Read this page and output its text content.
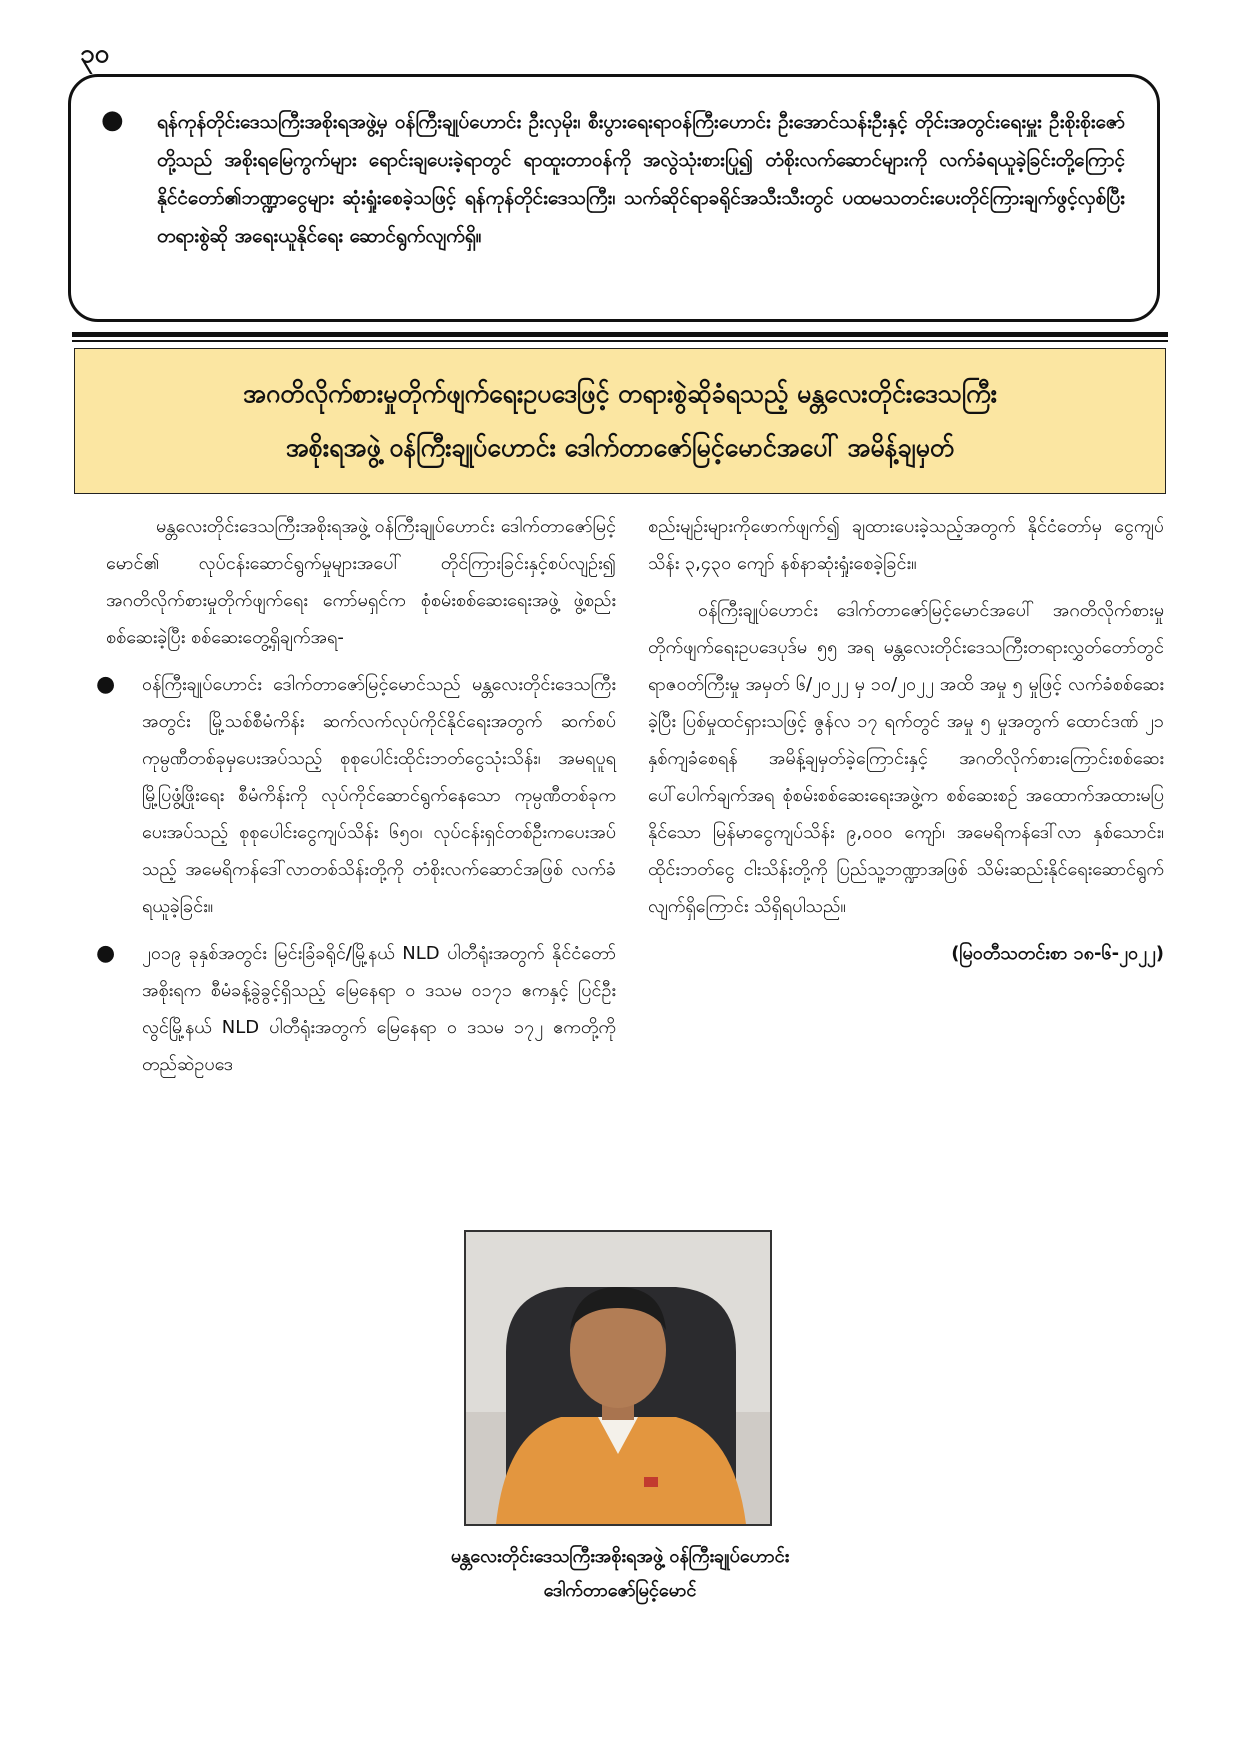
၃၀
● ရန်ကုန်တိုင်းဒေသကြီးအစိုးရအဖွဲ့မှ ဝန်ကြီးချုပ်ဟောင်း ဦးလှမိုး၊ စီးပွားရေးရာဝန်ကြီးဟောင်း ဦးအောင်သန်းဦးနှင့် တိုင်းအတွင်းရေးမှူး ဦးစိုးစိုးဇော်တို့သည် အစိုးရမြေကွက်များ ရောင်းချပေးခဲ့ရာတွင် ရာထူးတာဝန်ကို အလွဲသုံးစားပြု၍ တံစိုးလက်ဆောင်များကို လက်ခံရယူခဲ့ခြင်းတို့ကြောင့် နိုင်ငံတော်၏ဘဏ္ဍာငွေများ ဆုံးရှုံးစေခဲ့သဖြင့် ရန်ကုန်တိုင်းဒေသကြီး၊ သက်ဆိုင်ရာခရိုင်အသီးသီးတွင် ပထမသတင်းပေးတိုင်ကြားချက်ဖွင့်လှစ်ပြီး တရားစွဲဆို အရေးယူနိုင်ရေး ဆောင်ရွက်လျက်ရှိ။

အဂတိလိုက်စားမှုတိုက်ဖျက်ရေးဥပဒေဖြင့် တရားစွဲဆိုခံရသည့် မန္တလေးတိုင်းဒေသကြီး
အစိုးရအဖွဲ့ ဝန်ကြီးချုပ်ဟောင်း ဒေါက်တာဇော်မြင့်မောင်အပေါ် အမိန့်ချမှတ်

မန္တလေးတိုင်းဒေသကြီးအစိုးရအဖွဲ့ ဝန်ကြီးချုပ်ဟောင်း ဒေါက်တာဇော်မြင့်မောင်၏ လုပ်ငန်းဆောင်ရွက်မှုများအပေါ် တိုင်ကြားခြင်းနှင့်စပ်လျဉ်း၍ အဂတိလိုက်စားမှုတိုက်ဖျက်ရေး ကော်မရှင်က စုံစမ်းစစ်ဆေးရေးအဖွဲ့ ဖွဲ့စည်းစစ်ဆေးခဲ့ပြီး စစ်ဆေးတွေ့ရှိချက်အရ-

● ဝန်ကြီးချုပ်ဟောင်း ဒေါက်တာဇော်မြင့်မောင်သည် မန္တလေးတိုင်းဒေသကြီးအတွင်း မြို့သစ်စီမံကိန်း ဆက်လက်လုပ်ကိုင်နိုင်ရေးအတွက် ဆက်စပ်ကုမ္ပဏီတစ်ခုမှပေးအပ်သည့် စုစုပေါင်းထိုင်းဘတ်ငွေသုံးသိန်း၊ အမရပူရမြို့ပြဖွံ့ဖြိုးရေး စီမံကိန်းကို လုပ်ကိုင်ဆောင်ရွက်နေသော ကုမ္ပဏီတစ်ခုက ပေးအပ်သည့် စုစုပေါင်းငွေကျပ်သိန်း ၆၅၀၊ လုပ်ငန်းရှင်တစ်ဦးကပေးအပ်သည့် အမေရိကန်ဒေါ်လာတစ်သိန်းတို့ကို တံစိုးလက်ဆောင်အဖြစ် လက်ခံရယူခဲ့ခြင်း။
● ၂၀၁၉ ခုနှစ်အတွင်း မြင်းခြံခရိုင်/မြို့နယ် NLD ပါတီရုံးအတွက် နိုင်ငံတော်အစိုးရက စီမံခန့်ခွဲခွင့်ရှိသည့် မြေနေရာ ဝ ဒသမ ၀၁၇၁ ဧကနှင့် ပြင်ဦးလွင်မြို့နယ် NLD ပါတီရုံးအတွက် မြေနေရာ ဝ ဒသမ ၁၇၂ ဧကတို့ကို တည်ဆဲဥပဒေ

စည်းမျဉ်းများကိုဖောက်ဖျက်၍ ချထားပေးခဲ့သည့်အတွက် နိုင်ငံတော်မှ ငွေကျပ်သိန်း ၃,၄၃၀ ကျော် နစ်နာဆုံးရှုံးစေခဲ့ခြင်း။

ဝန်ကြီးချုပ်ဟောင်း ဒေါက်တာဇော်မြင့်မောင်အပေါ် အဂတိလိုက်စားမှုတိုက်ဖျက်ရေးဥပဒေပုဒ်မ ၅၅ အရ မန္တလေးတိုင်းဒေသကြီးတရားလွှတ်တော်တွင် ရာဇဝတ်ကြီးမှု အမှတ် ၆/၂၀၂၂ မှ ၁၀/၂၀၂၂ အထိ အမှု ၅ မှုဖြင့် လက်ခံစစ်ဆေးခဲ့ပြီး ပြစ်မှုထင်ရှားသဖြင့် ဇွန်လ ၁၇ ရက်တွင် အမှု ၅ မှုအတွက် ထောင်ဒဏ် ၂၁ နှစ်ကျခံစေရန် အမိန့်ချမှတ်ခဲ့ကြောင်းနှင့် အဂတိလိုက်စားကြောင်းစစ်ဆေးပေါ်ပေါက်ချက်အရ စုံစမ်းစစ်ဆေးရေးအဖွဲ့က စစ်ဆေးစဉ် အထောက်အထားမပြနိုင်သော မြန်မာငွေကျပ်သိန်း ၉,၀၀၀ ကျော်၊ အမေရိကန်ဒေါ်လာ နှစ်သောင်း၊ ထိုင်းဘတ်ငွေ ငါးသိန်းတို့ကို ပြည်သူ့ဘဏ္ဍာအဖြစ် သိမ်းဆည်းနိုင်ရေးဆောင်ရွက်လျက်ရှိကြောင်း သိရှိရပါသည်။

(မြဝတီသတင်းစာ ၁၈-၆-၂၀၂၂)

မန္တလေးတိုင်းဒေသကြီးအစိုးရအဖွဲ့ ဝန်ကြီးချုပ်ဟောင်း
ဒေါက်တာဇော်မြင့်မောင်
